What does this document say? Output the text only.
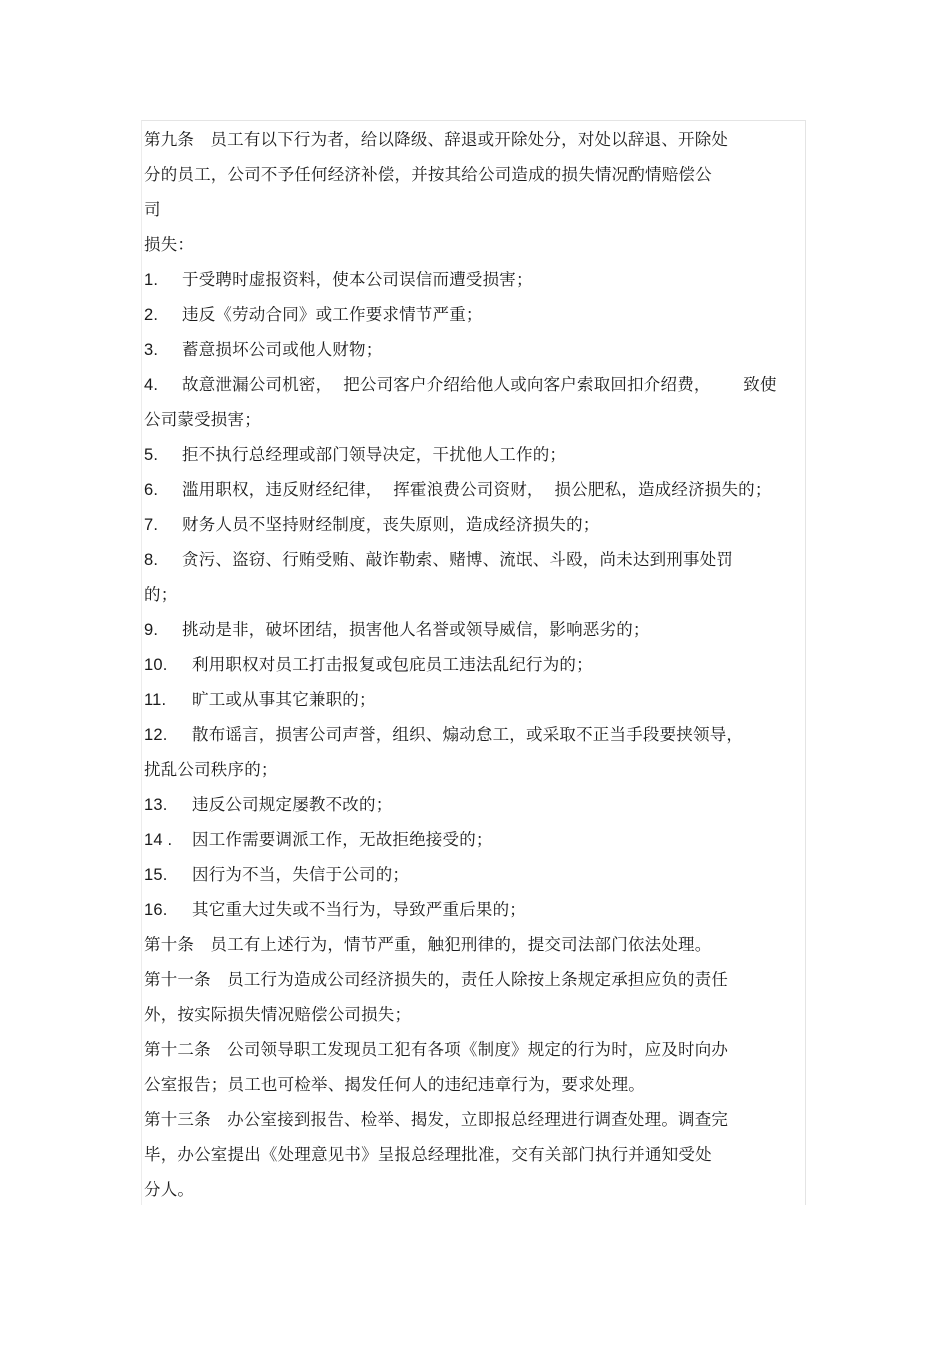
第九条   员工有以下行为者，给以降级、辞退或开除处分，对处以辞退、开除处
分的员工，公司不予任何经济补偿，并按其给公司造成的损失情况酌情赔偿公
司
损失：
1. 于受聘时虚报资料，使本公司误信而遭受损害；
2. 违反《劳动合同》或工作要求情节严重；
3. 蓄意损坏公司或他人财物；
4. 故意泄漏公司机密，  把公司客户介绍给他人或向客户索取回扣介绍费，      致使
公司蒙受损害；
5. 拒不执行总经理或部门领导决定，干扰他人工作的；
6. 滥用职权，违反财经纪律，  挥霍浪费公司资财，  损公肥私，造成经济损失的；
7. 财务人员不坚持财经制度，丧失原则，造成经济损失的；
8. 贪污、盗窃、行贿受贿、敲诈勒索、赌博、流氓、斗殴，尚未达到刑事处罚
的；
9. 挑动是非，破坏团结，损害他人名誉或领导威信，影响恶劣的；
10. 利用职权对员工打击报复或包庇员工违法乱纪行为的；
11. 旷工或从事其它兼职的；
12. 散布谣言，损害公司声誉，组织、煽动怠工，或采取不正当手段要挟领导，
扰乱公司秩序的；
13. 违反公司规定屡教不改的；
14 . 因工作需要调派工作，无故拒绝接受的；
15. 因行为不当，失信于公司的；
16. 其它重大过失或不当行为，导致严重后果的；
第十条   员工有上述行为，情节严重，触犯刑律的，提交司法部门依法处理。
第十一条   员工行为造成公司经济损失的，责任人除按上条规定承担应负的责任
外，按实际损失情况赔偿公司损失；
第十二条   公司领导职工发现员工犯有各项《制度》规定的行为时，应及时向办
公室报告；员工也可检举、揭发任何人的违纪违章行为，要求处理。
第十三条   办公室接到报告、检举、揭发，立即报总经理进行调查处理。调查完
毕，办公室提出《处理意见书》呈报总经理批准，交有关部门执行并通知受处
分人。
